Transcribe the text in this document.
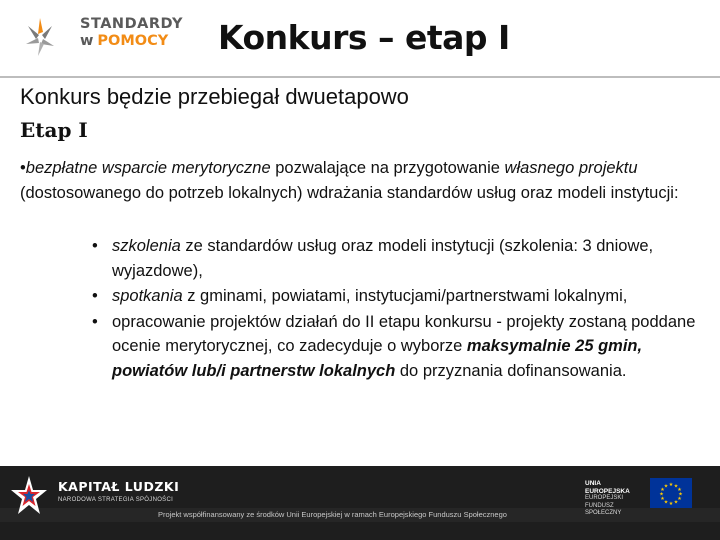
STANDARDY
w POMOCY	Konkurs – etap I
Konkurs będzie przebiegał dwuetapowo
Etap I
•bezpłatne wsparcie merytoryczne pozwalające na przygotowanie własnego projektu (dostosowanego do potrzeb lokalnych) wdrażania standardów usług oraz modeli instytucji:
• szkolenia ze standardów usług oraz modeli instytucji (szkolenia: 3 dniowe, wyjazdowe),
• spotkania z gminami, powiatami, instytucjami/partnerstwami lokalnymi,
• opracowanie projektów działań do II etapu konkursu - projekty zostaną poddane ocenie merytorycznej, co zadecyduje o wyborze maksymalnie 25 gmin, powiatów lub/i partnerstw lokalnych do przyznania dofinansowania.
KAPITAŁ LUDZKI
NARODOWA STRATEGIA SPÓJNOŚCI
UNIA EUROPEJSKA
EUROPEJSKI
FUNDUSZ SPOŁECZNY
★ ★
★
★
★
★
★
★
★
★
★
★
Projekt współfinansowany ze środków Unii Europejskiej w ramach Europejskiego Funduszu Społecznego
